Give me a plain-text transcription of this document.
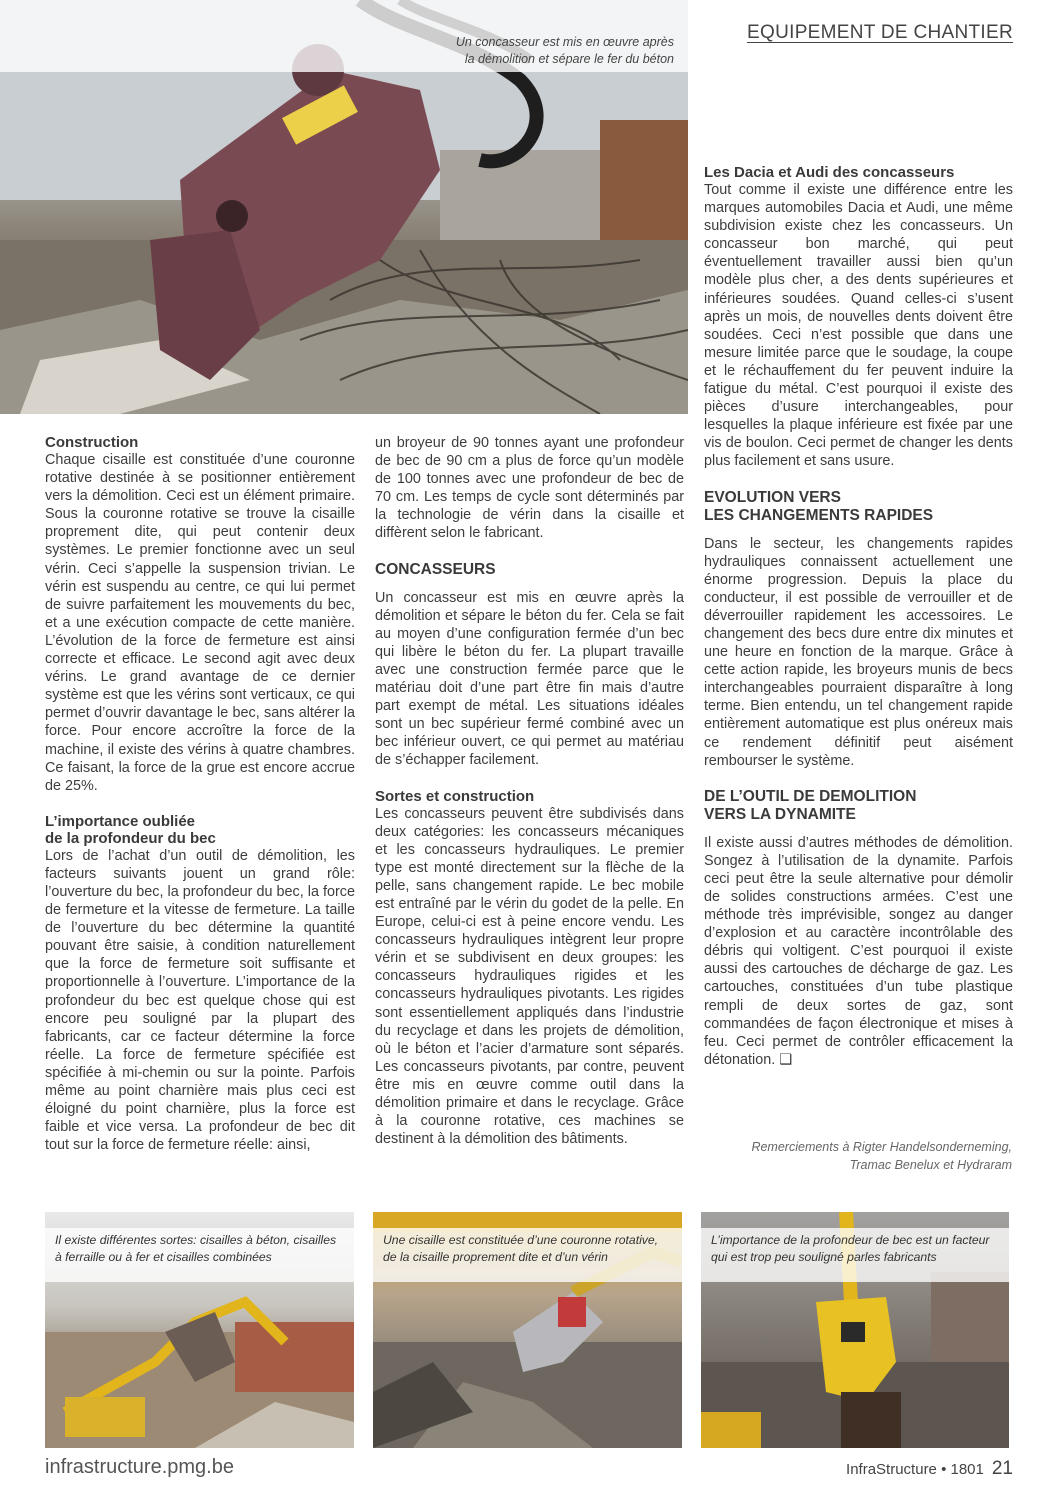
EQUIPEMENT DE CHANTIER
Un concasseur est mis en œuvre après
la démolition et sépare le fer du béton
Construction

Chaque cisaille est constituée d’une couronne rotative destinée à se positionner entièrement vers la démolition. Ceci est un élément primaire. Sous la couronne rotative se trouve la cisaille proprement dite, qui peut contenir deux systèmes. Le premier fonctionne avec un seul vérin. Ceci s’appelle la suspension trivian. Le vérin est suspendu au centre, ce qui lui permet de suivre parfaitement les mouvements du bec, et a une exécution compacte de cette manière. L’évolution de la force de fermeture est ainsi correcte et efficace. Le second agit avec deux vérins. Le grand avantage de ce dernier système est que les vérins sont verticaux, ce qui permet d’ouvrir davantage le bec, sans altérer la force. Pour encore accroître la force de la machine, il existe des vérins à quatre chambres. Ce faisant, la force de la grue est encore accrue de 25%.

L’importance oubliée
de la profondeur du bec

Lors de l’achat d’un outil de démolition, les facteurs suivants jouent un grand rôle: l’ouverture du bec, la profondeur du bec, la force de fermeture et la vitesse de fermeture. La taille de l’ouverture du bec détermine la quantité pouvant être saisie, à condition naturellement que la force de fermeture soit suffisante et proportionnelle à l’ouverture. L’importance de la profondeur du bec est quelque chose qui est encore peu souligné par la plupart des fabricants, car ce facteur détermine la force réelle. La force de fermeture spécifiée est spécifiée à mi-chemin ou sur la pointe. Parfois même au point charnière mais plus ceci est éloigné du point charnière, plus la force est faible et vice versa. La profondeur de bec dit tout sur la force de fermeture réelle: ainsi,

un broyeur de 90 tonnes ayant une profondeur de bec de 90 cm a plus de force qu’un modèle de 100 tonnes avec une profondeur de bec de 70 cm. Les temps de cycle sont déterminés par la technologie de vérin dans la cisaille et diffèrent selon le fabricant.

CONCASSEURS

Un concasseur est mis en œuvre après la démolition et sépare le béton du fer. Cela se fait au moyen d’une configuration fermée d’un bec qui libère le béton du fer. La plupart travaille avec une construction fermée parce que le matériau doit d’une part être fin mais d’autre part exempt de métal. Les situations idéales sont un bec supérieur fermé combiné avec un bec inférieur ouvert, ce qui permet au matériau de s’échapper facilement.

Sortes et construction

Les concasseurs peuvent être subdivisés dans deux catégories: les concasseurs mécaniques et les concasseurs hydrauliques. Le premier type est monté directement sur la flèche de la pelle, sans changement rapide. Le bec mobile est entraîné par le vérin du godet de la pelle. En Europe, celui-ci est à peine encore vendu. Les concasseurs hydrauliques intègrent leur propre vérin et se subdivisent en deux groupes: les concasseurs hydrauliques rigides et les concasseurs hydrauliques pivotants. Les rigides sont essentiellement appliqués dans l’industrie du recyclage et dans les projets de démolition, où le béton et l’acier d’armature sont séparés. Les concasseurs pivotants, par contre, peuvent être mis en œuvre comme outil dans la démolition primaire et dans le recyclage. Grâce à la couronne rotative, ces machines se destinent à la démolition des bâtiments.

Les Dacia et Audi des concasseurs

Tout comme il existe une différence entre les marques automobiles Dacia et Audi, une même subdivision existe chez les concasseurs. Un concasseur bon marché, qui peut éventuellement travailler aussi bien qu’un modèle plus cher, a des dents supérieures et inférieures soudées. Quand celles-ci s’usent après un mois, de nouvelles dents doivent être soudées. Ceci n’est possible que dans une mesure limitée parce que le soudage, la coupe et le réchauffement du fer peuvent induire la fatigue du métal. C’est pourquoi il existe des pièces d’usure interchangeables, pour lesquelles la plaque inférieure est fixée par une vis de boulon. Ceci permet de changer les dents plus facilement et sans usure.

EVOLUTION VERS
LES CHANGEMENTS RAPIDES

Dans le secteur, les changements rapides hydrauliques connaissent actuellement une énorme progression. Depuis la place du conducteur, il est possible de verrouiller et de déverrouiller rapidement les accessoires. Le changement des becs dure entre dix minutes et une heure en fonction de la marque. Grâce à cette action rapide, les broyeurs munis de becs interchangeables pourraient disparaître à long terme. Bien entendu, un tel changement rapide entièrement automatique est plus onéreux mais ce rendement définitif peut aisément rembourser le système.

DE L’OUTIL DE DEMOLITION
VERS LA DYNAMITE

Il existe aussi d’autres méthodes de démolition. Songez à l’utilisation de la dynamite. Parfois ceci peut être la seule alternative pour démolir de solides constructions armées. C’est une méthode très imprévisible, songez au danger d’explosion et au caractère incontrôlable des débris qui voltigent. C’est pourquoi il existe aussi des cartouches de décharge de gaz. Les cartouches, constituées d’un tube plastique rempli de deux sortes de gaz, sont commandées de façon électronique et mises à feu. Ceci permet de contrôler efficacement la détonation. ❑

Remerciements à Rigter Handelsonderneming,
Tramac Benelux et Hydraram
Il existe différentes sortes: cisailles à béton, cisailles
à ferraille ou à fer et cisailles combinées
Une cisaille est constituée d’une couronne rotative,
de la cisaille proprement dite et d’un vérin
L’importance de la profondeur de bec est un facteur
qui est trop peu souligné parles fabricants
infrastructure.pmg.be	InfraStructure • 1801 21
